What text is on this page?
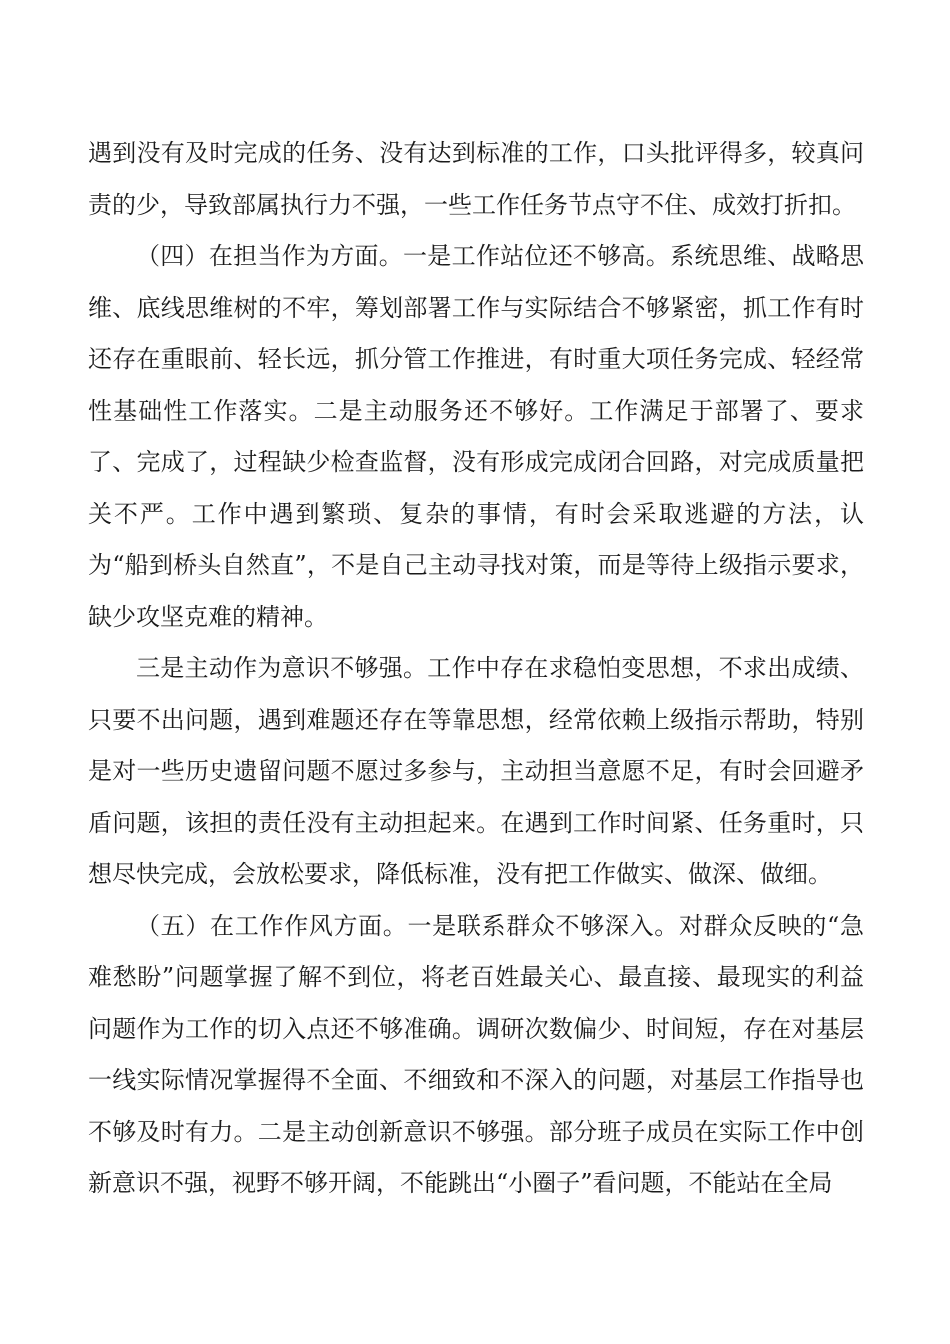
遇到没有及时完成的任务、没有达到标准的工作，口头批评得多，较真问责的少，导致部属执行力不强，一些工作任务节点守不住、成效打折扣。

（四）在担当作为方面。一是工作站位还不够高。系统思维、战略思维、底线思维树的不牢，筹划部署工作与实际结合不够紧密，抓工作有时还存在重眼前、轻长远，抓分管工作推进，有时重大项任务完成、轻经常性基础性工作落实。二是主动服务还不够好。工作满足于部署了、要求了、完成了，过程缺少检查监督，没有形成完成闭合回路，对完成质量把关不严。工作中遇到繁琐、复杂的事情，有时会采取逃避的方法，认为“船到桥头自然直”，不是自己主动寻找对策，而是等待上级指示要求，缺少攻坚克难的精神。

三是主动作为意识不够强。工作中存在求稳怕变思想，不求出成绩、只要不出问题，遇到难题还存在等靠思想，经常依赖上级指示帮助，特别是对一些历史遗留问题不愿过多参与，主动担当意愿不足，有时会回避矛盾问题，该担的责任没有主动担起来。在遇到工作时间紧、任务重时，只想尽快完成，会放松要求，降低标准，没有把工作做实、做深、做细。

（五）在工作作风方面。一是联系群众不够深入。对群众反映的“急难愁盼”问题掌握了解不到位，将老百姓最关心、最直接、最现实的利益问题作为工作的切入点还不够准确。调研次数偏少、时间短，存在对基层一线实际情况掌握得不全面、不细致和不深入的问题，对基层工作指导也不够及时有力。二是主动创新意识不够强。部分班子成员在实际工作中创新意识不强，视野不够开阔，不能跳出“小圈子”看问题，不能站在全局
